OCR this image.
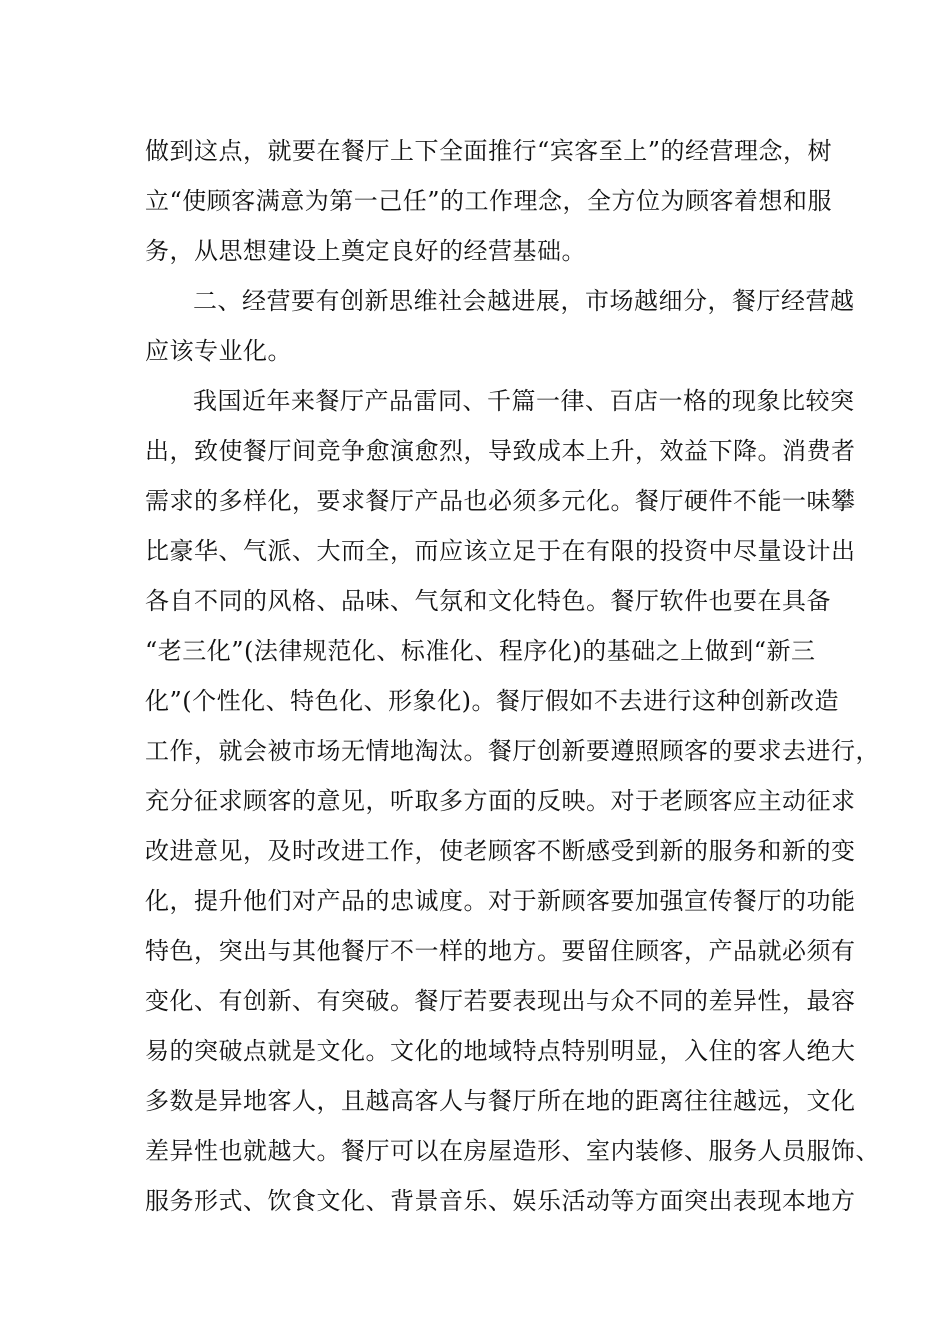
做到这点，就要在餐厅上下全面推行“宾客至上”的经营理念，树
立“使顾客满意为第一己任”的工作理念，全方位为顾客着想和服
务，从思想建设上奠定良好的经营基础。
二、经营要有创新思维社会越进展，市场越细分，餐厅经营越
应该专业化。
我国近年来餐厅产品雷同、千篇一律、百店一格的现象比较突
出，致使餐厅间竞争愈演愈烈，导致成本上升，效益下降。消费者
需求的多样化，要求餐厅产品也必须多元化。餐厅硬件不能一味攀
比豪华、气派、大而全，而应该立足于在有限的投资中尽量设计出
各自不同的风格、品味、气氛和文化特色。餐厅软件也要在具备
“老三化”(法律规范化、标准化、程序化)的基础之上做到“新三
化”(个性化、特色化、形象化)。餐厅假如不去进行这种创新改造
工作，就会被市场无情地淘汰。餐厅创新要遵照顾客的要求去进行，
充分征求顾客的意见，听取多方面的反映。对于老顾客应主动征求
改进意见，及时改进工作，使老顾客不断感受到新的服务和新的变
化，提升他们对产品的忠诚度。对于新顾客要加强宣传餐厅的功能
特色，突出与其他餐厅不一样的地方。要留住顾客，产品就必须有
变化、有创新、有突破。餐厅若要表现出与众不同的差异性，最容
易的突破点就是文化。文化的地域特点特别明显，入住的客人绝大
多数是异地客人，且越高客人与餐厅所在地的距离往往越远，文化
差异性也就越大。餐厅可以在房屋造形、室内装修、服务人员服饰、
服务形式、饮食文化、背景音乐、娱乐活动等方面突出表现本地方
